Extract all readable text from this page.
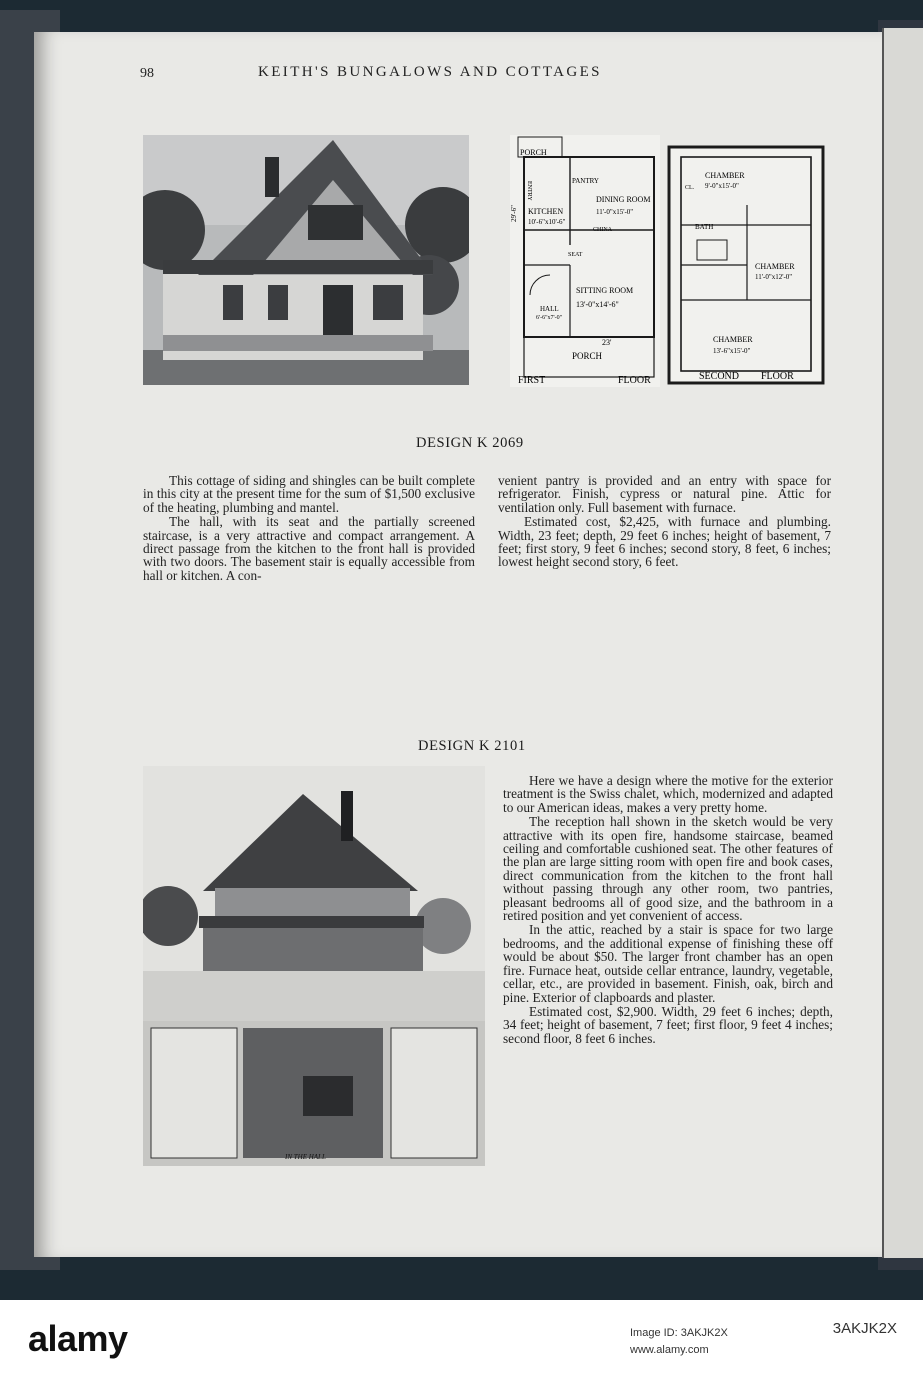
98	KEITH'S BUNGALOWS AND COTTAGES
PORCH
ENTRY	PANTRY
KITCHEN
10'-6"x10'-6"
DINING ROOM
11'-0"x15'-0"
CHINA
SEAT
HALL
6'-6"x7'-0"
SITTING ROOM
13'-0"x14'-6"
23'
29'-6"
PORCH
FIRST	FLOOR
CHAMBER
9'-0"x15'-0"
BATH
CHAMBER
11'-0"x12'-0"
CHAMBER
13'-6"x15'-0"
CL.
SECOND FLOOR
DESIGN K 2069

This cottage of siding and shingles can be built complete in this city at the present time for the sum of $1,500 exclusive of the heating, plumbing and mantel.

The hall, with its seat and the partially screened staircase, is a very attractive and compact arrangement. A direct passage from the kitchen to the front hall is provided with two doors. The basement stair is equally accessible from hall or kitchen. A con-

venient pantry is provided and an entry with space for refrigerator. Finish, cypress or natural pine. Attic for ventilation only. Full basement with furnace.

Estimated cost, $2,425, with furnace and plumbing. Width, 23 feet; depth, 29 feet 6 inches; height of basement, 7 feet; first story, 9 feet 6 inches; second story, 8 feet, 6 inches; lowest height second story, 6 feet.

DESIGN K 2101
IN THE HALL

Here we have a design where the motive for the exterior treatment is the Swiss chalet, which, modernized and adapted to our American ideas, makes a very pretty home.

The reception hall shown in the sketch would be very attractive with its open fire, handsome staircase, beamed ceiling and comfortable cushioned seat. The other features of the plan are large sitting room with open fire and book cases, direct communication from the kitchen to the front hall without passing through any other room, two pantries, pleasant bedrooms all of good size, and the bathroom in a retired position and yet convenient of access.

In the attic, reached by a stair is space for two large bedrooms, and the additional expense of finishing these off would be about $50. The larger front chamber has an open fire. Furnace heat, outside cellar entrance, laundry, vegetable, cellar, etc., are provided in basement. Finish, oak, birch and pine. Exterior of clapboards and plaster.

Estimated cost, $2,900. Width, 29 feet 6 inches; depth, 34 feet; height of basement, 7 feet; first floor, 9 feet 4 inches; second floor, 8 feet 6 inches.

alamy	Image ID: 3AKJK2X
www.alamy.com
3AKJK2X
